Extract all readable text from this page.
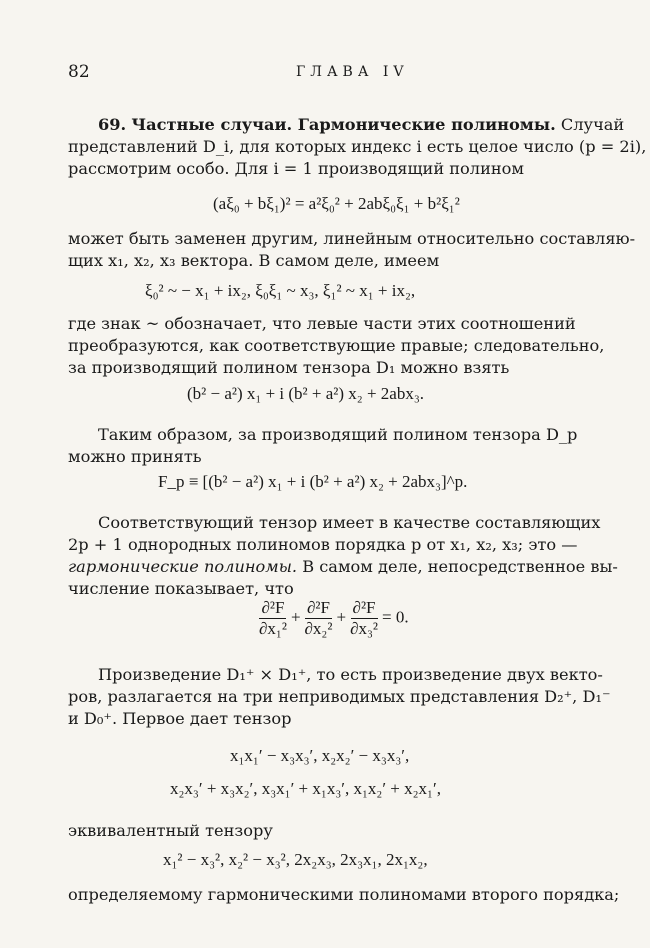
82	ГЛАВА IV

69. Частные случаи. Гармонические полиномы. Случай

представлений D_i, для которых индекс i есть целое число (p = 2i),

рассмотрим особо. Для i = 1 производящий полином

(aξ₀ + bξ₁)² = a²ξ₀² + 2abξ₀ξ₁ + b²ξ₁²

может быть заменен другим, линейным относительно составляю-

щих x₁, x₂, x₃ вектора. В самом деле, имеем

ξ₀² ~ − x₁ + ix₂, ξ₀ξ₁ ~ x₃, ξ₁² ~ x₁ + ix₂,

где знак ~ обозначает, что левые части этих соотношений

преобразуются, как соответствующие правые; следовательно,

за производящий полином тензора D₁ можно взять

(b² − a²) x₁ + i (b² + a²) x₂ + 2abx₃.

Таким образом, за производящий полином тензора D_p

можно принять

F_p ≡ [(b² − a²) x₁ + i (b² + a²) x₂ + 2abx₃]^p.

Соответствующий тензор имеет в качестве составляющих

2p + 1 однородных полиномов порядка p от x₁, x₂, x₃; это —

гармонические полиномы. В самом деле, непосредственное вы-

числение показывает, что

$\frac{\text{∂²F}}{\text{∂x₁²}} + \frac{\text{∂²F}}{\text{∂x₂²}} + \frac{\text{∂²F}}{\text{∂x₃²}} = 0$.

Произведение D₁⁺ × D₁⁺, то есть произведение двух векто-

ров, разлагается на три неприводимых представления D₂⁺, D₁⁻

и D₀⁺. Первое дает тензор

x₁x₁′ − x₃x₃′, x₂x₂′ − x₃x₃′,
x₂x₃′ + x₃x₂′, x₃x₁′ + x₁x₃′, x₁x₂′ + x₂x₁′,

эквивалентный тензору

x₁² − x₃², x₂² − x₃², 2x₂x₃, 2x₃x₁, 2x₁x₂,

определяемому гармоническими полиномами второго порядка;
